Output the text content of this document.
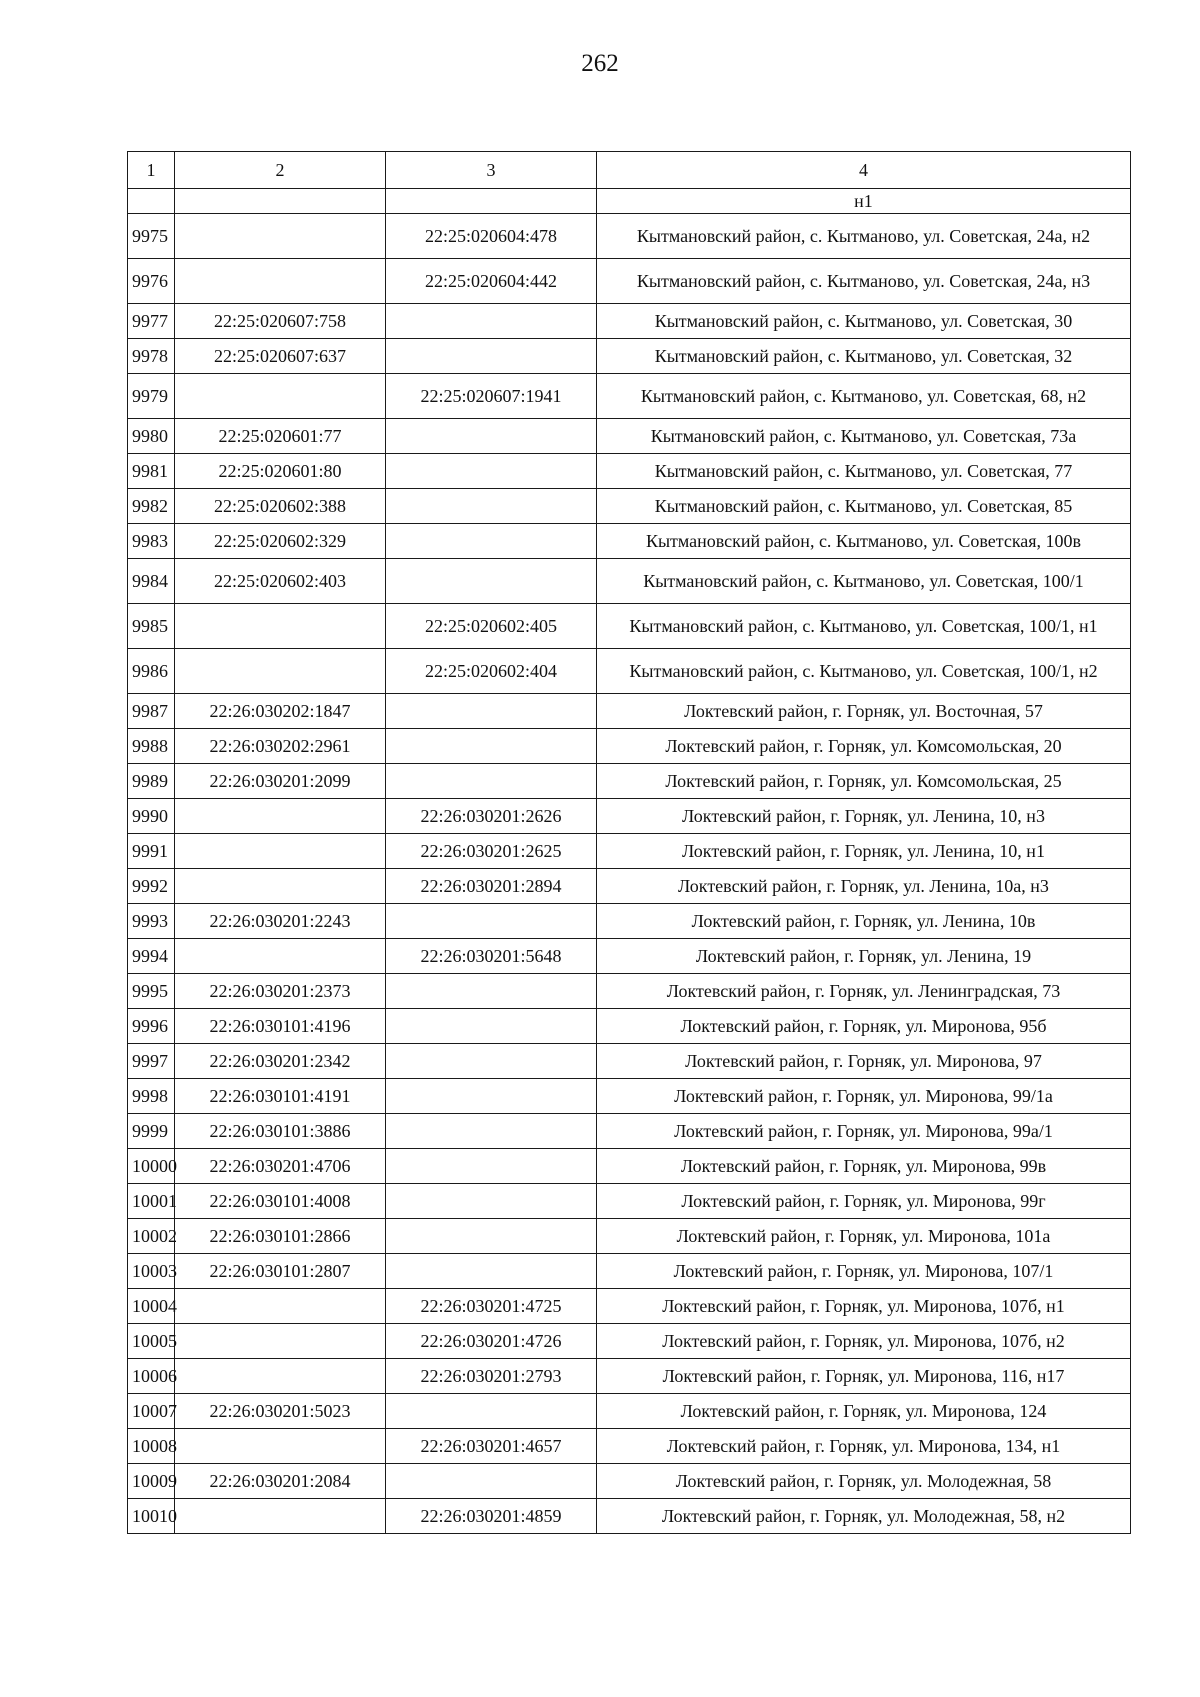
262
1	2	3	4
			н1
9975		22:25:020604:478	Кытмановский район, с. Кытманово, ул. Советская, 24а, н2
9976		22:25:020604:442	Кытмановский район, с. Кытманово, ул. Советская, 24а, н3
9977	22:25:020607:758		Кытмановский район, с. Кытманово, ул. Советская, 30
9978	22:25:020607:637		Кытмановский район, с. Кытманово, ул. Советская, 32
9979		22:25:020607:1941	Кытмановский район, с. Кытманово, ул. Советская, 68, н2
9980	22:25:020601:77		Кытмановский район, с. Кытманово, ул. Советская, 73а
9981	22:25:020601:80		Кытмановский район, с. Кытманово, ул. Советская, 77
9982	22:25:020602:388		Кытмановский район, с. Кытманово, ул. Советская, 85
9983	22:25:020602:329		Кытмановский район, с. Кытманово, ул. Советская, 100в
9984	22:25:020602:403		Кытмановский район, с. Кытманово, ул. Советская, 100/1
9985		22:25:020602:405	Кытмановский район, с. Кытманово, ул. Советская, 100/1, н1
9986		22:25:020602:404	Кытмановский район, с. Кытманово, ул. Советская, 100/1, н2
9987	22:26:030202:1847		Локтевский район, г. Горняк, ул. Восточная, 57
9988	22:26:030202:2961		Локтевский район, г. Горняк, ул. Комсомольская, 20
9989	22:26:030201:2099		Локтевский район, г. Горняк, ул. Комсомольская, 25
9990		22:26:030201:2626	Локтевский район, г. Горняк, ул. Ленина, 10, н3
9991		22:26:030201:2625	Локтевский район, г. Горняк, ул. Ленина, 10, н1
9992		22:26:030201:2894	Локтевский район, г. Горняк, ул. Ленина, 10а, н3
9993	22:26:030201:2243		Локтевский район, г. Горняк, ул. Ленина, 10в
9994		22:26:030201:5648	Локтевский район, г. Горняк, ул. Ленина, 19
9995	22:26:030201:2373		Локтевский район, г. Горняк, ул. Ленинградская, 73
9996	22:26:030101:4196		Локтевский район, г. Горняк, ул. Миронова, 95б
9997	22:26:030201:2342		Локтевский район, г. Горняк, ул. Миронова, 97
9998	22:26:030101:4191		Локтевский район, г. Горняк, ул. Миронова, 99/1а
9999	22:26:030101:3886		Локтевский район, г. Горняк, ул. Миронова, 99а/1
10000	22:26:030201:4706		Локтевский район, г. Горняк, ул. Миронова, 99в
10001	22:26:030101:4008		Локтевский район, г. Горняк, ул. Миронова, 99г
10002	22:26:030101:2866		Локтевский район, г. Горняк, ул. Миронова, 101а
10003	22:26:030101:2807		Локтевский район, г. Горняк, ул. Миронова, 107/1
10004		22:26:030201:4725	Локтевский район, г. Горняк, ул. Миронова, 107б, н1
10005		22:26:030201:4726	Локтевский район, г. Горняк, ул. Миронова, 107б, н2
10006		22:26:030201:2793	Локтевский район, г. Горняк, ул. Миронова, 116, н17
10007	22:26:030201:5023		Локтевский район, г. Горняк, ул. Миронова, 124
10008		22:26:030201:4657	Локтевский район, г. Горняк, ул. Миронова, 134, н1
10009	22:26:030201:2084		Локтевский район, г. Горняк, ул. Молодежная, 58
10010		22:26:030201:4859	Локтевский район, г. Горняк, ул. Молодежная, 58, н2
